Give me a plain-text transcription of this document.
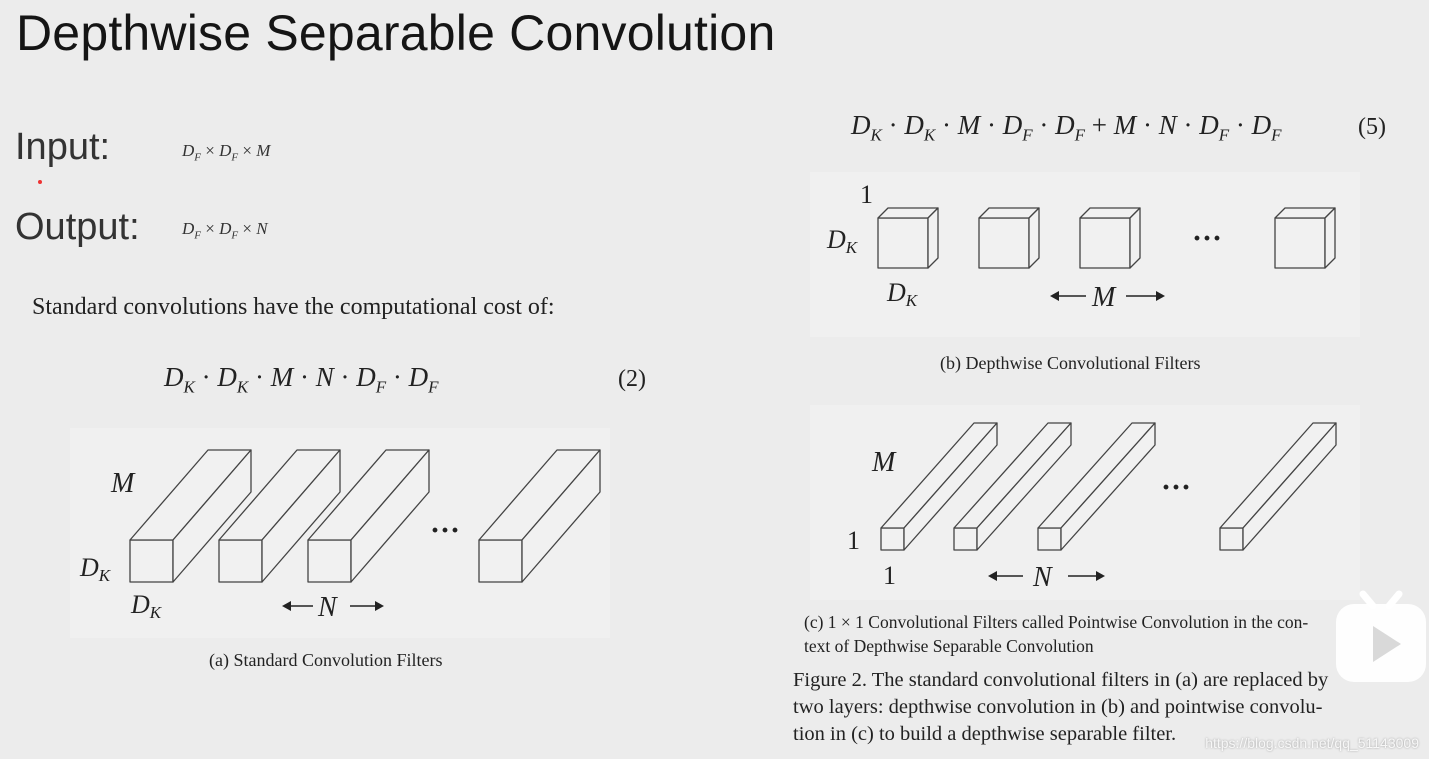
Depthwise Separable Convolution
Input:	$D_F \times D_F \times M$
Output: $D_F \times D_F \times N$
Standard convolutions have the computational cost of:
$D_K \cdot D_K \cdot M \cdot N \cdot D_F \cdot D_F$	(2)
···
M
DK
DK	N
(a) Standard Convolution Filters
$D_K \cdot D_K \cdot M \cdot D_F \cdot D_F + M \cdot N \cdot D_F \cdot D_F$	(5)
···
1
DK
DK	M
···
M
1
1	N
(b) Depthwise Convolutional Filters
(c) 1 × 1 Convolutional Filters called Pointwise Convolution in the con-
text of Depthwise Separable Convolution
Figure 2. The standard convolutional filters in (a) are replaced by
two layers: depthwise convolution in (b) and pointwise convolu-
tion in (c) to build a depthwise separable filter.	https://blog.csdn.net/qq_51143009
